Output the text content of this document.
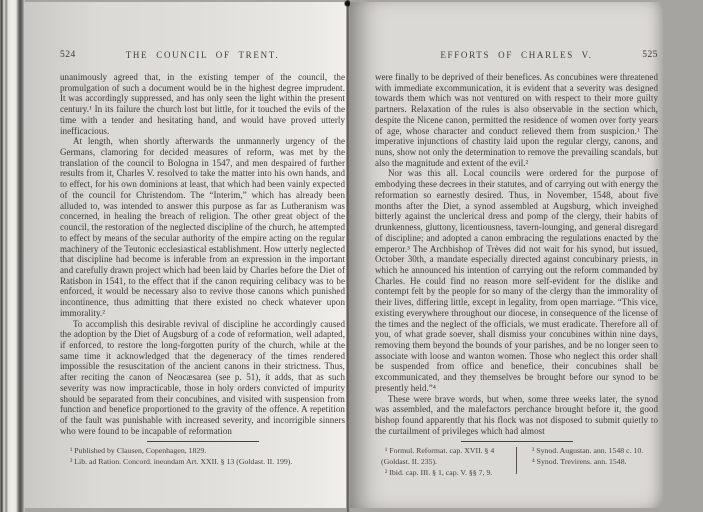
524	THE COUNCIL OF TRENT.

unanimously agreed that, in the existing temper of the council, the promulgation of such a document would be in the highest degree imprudent. It was accordingly suppressed, and has only seen the light within the present century.¹ In its failure the church lost but little, for it touched the evils of the time with a tender and hesitating hand, and would have proved utterly inefficacious.

At length, when shortly afterwards the unmannerly urgency of the Germans, clamoring for decided measures of reform, was met by the translation of the council to Bologna in 1547, and men despaired of further results from it, Charles V. resolved to take the matter into his own hands, and to effect, for his own dominions at least, that which had been vainly expected of the council for Christendom. The “Interim,” which has already been alluded to, was intended to answer this purpose as far as Lutheranism was concerned, in healing the breach of religion. The other great object of the council, the restoration of the neglected discipline of the church, he attempted to effect by means of the secular authority of the empire acting on the regular machinery of the Teutonic ecclesiastical establishment. How utterly neglected that discipline had become is inferable from an expression in the important and carefully drawn project which had been laid by Charles before the Diet of Ratisbon in 1541, to the effect that if the canon requiring celibacy was to be enforced, it would be necessary also to revive those canons which punished incontinence, thus admitting that there existed no check whatever upon immorality.²

To accomplish this desirable revival of discipline he accordingly caused the adoption by the Diet of Augsburg of a code of reformation, well adapted, if enforced, to restore the long-forgotten purity of the church, while at the same time it acknowledged that the degeneracy of the times rendered impossible the resuscitation of the ancient canons in their strictness. Thus, after reciting the canon of Neocæsarea (see p. 51), it adds, that as such severity was now impracticable, those in holy orders convicted of impurity should be separated from their concubines, and visited with suspension from function and benefice proportioned to the gravity of the offence. A repetition of the fault was punishable with increased severity, and incorrigible sinners who were found to be incapable of reformation

¹ Published by Clausen, Copenhagen, 1829.

² Lib. ad Ration. Concord. ineundam Art. XXII. § 13 (Goldast. II. 199).

EFFORTS OF CHARLES V.	525

were finally to be deprived of their benefices. As concubines were threatened with immediate excommunication, it is evident that a severity was designed towards them which was not ventured on with respect to their more guilty partners. Relaxation of the rules is also observable in the section which, despite the Nicene canon, permitted the residence of women over forty years of age, whose character and conduct relieved them from suspicion.¹ The imperative injunctions of chastity laid upon the regular clergy, canons, and nuns, show not only the determination to remove the prevailing scandals, but also the magnitude and extent of the evil.²

Nor was this all. Local councils were ordered for the purpose of embodying these decrees in their statutes, and of carrying out with energy the reformation so earnestly desired. Thus, in November, 1548, about five months after the Diet, a synod assembled at Augsburg, which inveighed bitterly against the unclerical dress and pomp of the clergy, their habits of drunkenness, gluttony, licentiousness, tavern-lounging, and general disregard of discipline; and adopted a canon embracing the regulations enacted by the emperor.³ The Archbishop of Trèves did not wait for his synod, but issued, October 30th, a mandate especially directed against concubinary priests, in which he announced his intention of carrying out the reform commanded by Charles. He could find no reason more self-evident for the dislike and contempt felt by the people for so many of the clergy than the immorality of their lives, differing little, except in legality, from open marriage. “This vice, existing everywhere throughout our diocese, in consequence of the license of the times and the neglect of the officials, we must eradicate. Therefore all of you, of what grade soever, shall dismiss your concubines within nine days, removing them beyond the bounds of your parishes, and be no longer seen to associate with loose and wanton women. Those who neglect this order shall be suspended from office and benefice, their concubines shall be excommunicated, and they themselves be brought before our synod to be presently held.”⁴

These were brave words, but when, some three weeks later, the synod was assembled, and the malefactors perchance brought before it, the good bishop found apparently that his flock was not disposed to submit quietly to the curtailment of privileges which had almost

¹ Formul. Reformat. cap. XVII. § 4 (Goldast. II. 235).

² Ibid. cap. III. § 1, cap. V. §§ 7, 9.

³ Synod. Augustan. ann. 1548 c. 10.

⁴ Synod. Trevirens. ann. 1548.
